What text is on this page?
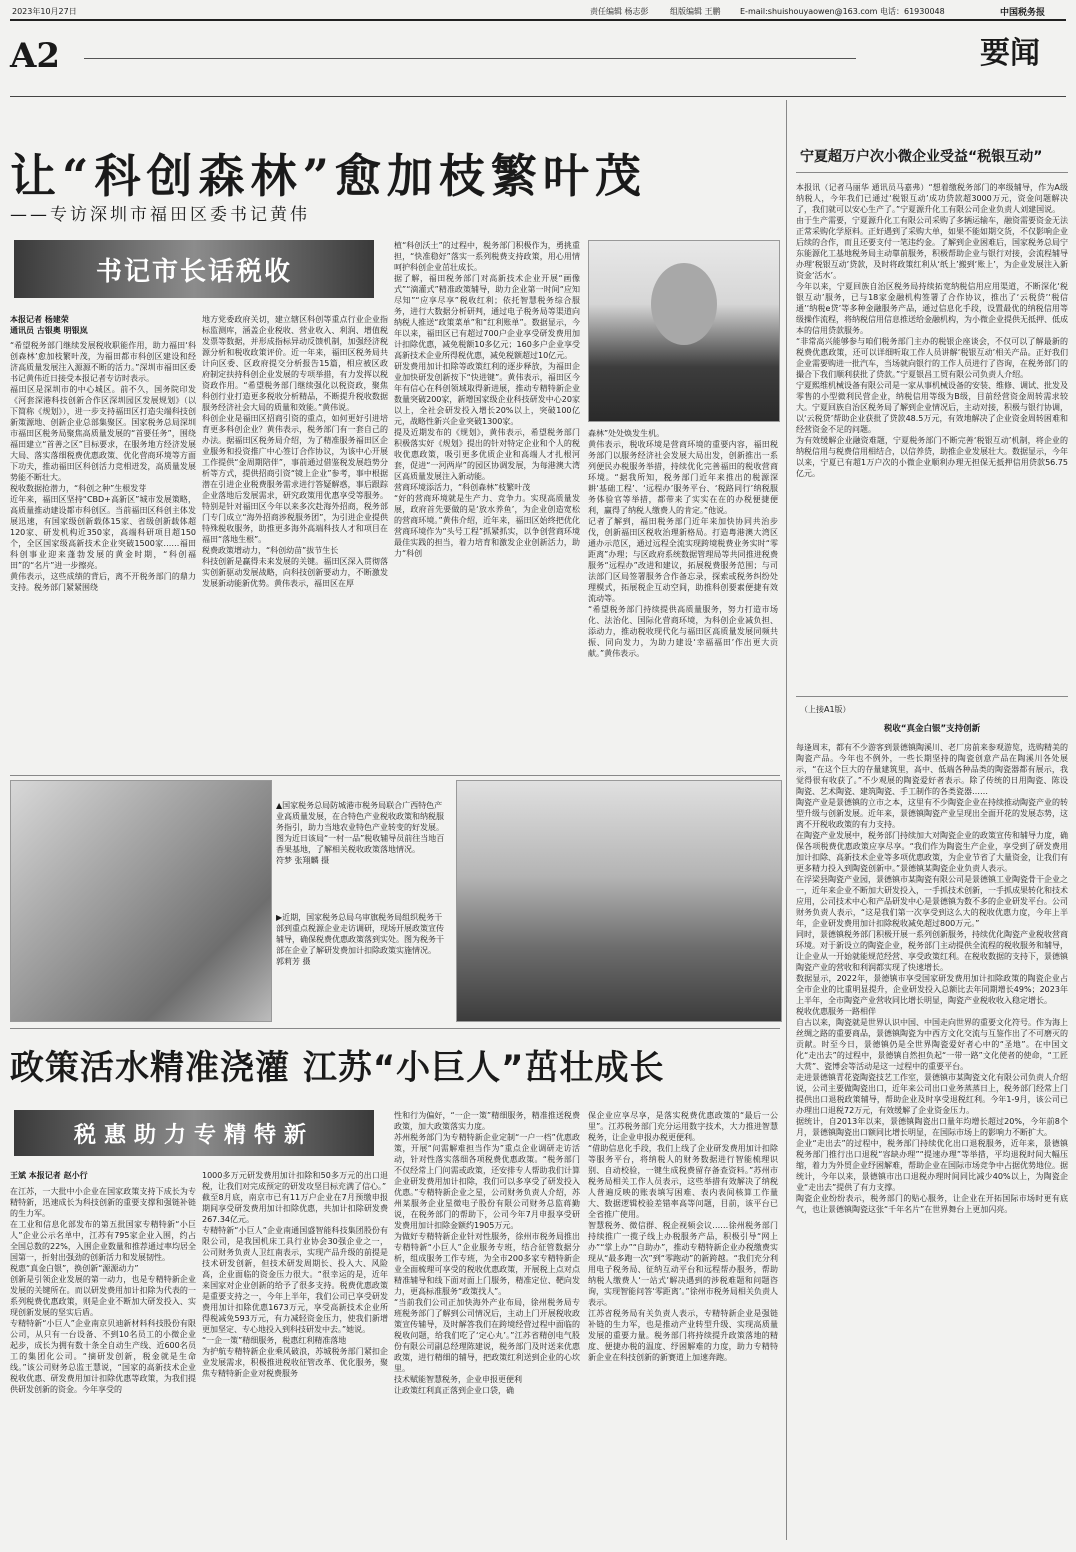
2023年10月27日	责任编辑 杨志彭	组版编辑 王鹏 E-mail:shuishouyaowen@163.com 电话：61930048	中国税务报
A2	要闻
让“科创森林”愈加枝繁叶茂
——专访深圳市福田区委书记黄伟
书记市长话税收
本报记者 杨建荣
通讯员 古银奥 明银岚
“希望税务部门继续发展税收职能作用，助力福田‘科创森林’愈加枝繁叶茂，为福田都市科创区建设和经济高质量发展注入源源不断的活力。”深圳市福田区委书记黄伟近日接受本报记者专访时表示。
福田区是深圳市的中心城区。前不久，国务院印发《河套深港科技创新合作区深圳园区发展规划》（以下简称《规划》），进一步支持福田区打造尖端科技创新策源地、创新企业总部集聚区。国家税务总局深圳市福田区税务局聚焦高质量发展的“首要任务”，围绕福田建立“首善之区”目标要求，在服务地方经济发展大局、落实落细税费优惠政策、优化营商环境等方面下功夫，推动福田区科创活力竞相迸发，高质量发展势能不断壮大。
税收数据抢潜力，“科创之种”生根发芽
近年来，福田区坚持“CBD+高新区”城市发展策略，高质量推动建设都市科创区。当前福田区科创主体发展迅速，有国家级创新载体15家、省级创新载体超120家、研发机构近350家，高端科研项目超150个，全区国家级高新技术企业突破1500家……福田科创事业迎来蓬勃发展的黄金时期，“科创福田”的“名片”进一步擦亮。
黄伟表示，这些成绩的背后，离不开税务部门的鼎力支持。税务部门紧紧围绕
地方党委政府关切，建立辖区科创等重点行业企业指标监测库，涵盖企业税收、营业收入、利润、增值税发票等数据，并形成指标异动反馈机制，加强经济税源分析和税收政策评价。近一年来，福田区税务局共计向区委、区政府提交分析报告15篇，相应被区政府制定扶持科创企业发展的专项举措，有力发挥以税资政作用。“希望税务部门继续强化以税资政，聚焦科创行业打造更多税收分析精品，不断提升税收数据服务经济社会大局的质量和效能。”黄伟说。
科创企业是福田区招商引资的重点，如何更好引进培育更多科创企业？黄伟表示，税务部门有一套自己的办法。据福田区税务局介绍，为了精准服务福田区企业服务和投资推广中心签订合作协议，为该中心开展工作提供“金周期陪伴”，事前通过借鉴税发展趋势分析等方式，提供招商引资“镜上企业”参考，事中根据潜在引进企业税费服务需求进行答疑解惑，事后跟踪企业落地后发展需求，研究政策用优惠享受等服务。特别是针对福田区今年以来多次赴海外招商，税务部门专门成立“海外招商涉税服务团”，为引进企业提供特殊税收服务，助推更多海外高端科技人才和项目在福田“落地生根”。
税费政策增动力，“科创幼苗”拔节生长
科技创新是赢得未来发展的关键。福田区深入贯彻落实创新驱动发展战略，向科技创新要动力，不断激发发展新动能新优势。黄伟表示，福田区在厚
植“科创沃土”的过程中，税务部门积极作为，勇挑重担，“快准稳好”落实一系列税费支持政策，用心用情呵护科创企业茁壮成长。
据了解，福田税务部门对高新技术企业开展“画像式”“滴灌式”精准政策辅导，助力企业第一时间“应知尽知”“应享尽享”税收红利；依托智慧税务综合服务，进行大数据分析研判，通过电子税务局等渠道向纳税人推送“政策菜单”和“红利账单”。数据显示，今年以来，福田区已有超过700户企业享受研发费用加计扣除优惠，减免税额10多亿元；160多户企业享受高新技术企业所得税优惠，减免税额超过10亿元。
研发费用加计扣除等政策红利的逐步释放，为福田企业加快研发创新按下“快进键”。黄伟表示，福田区今年有信心在科创领域取得新进展，推动专精特新企业数量突破200家，新增国家级企业科技研发中心20家以上，全社会研发投入增长20%以上，突破100亿元，战略性新兴企业突破1300家。
提及近期发布的《规划》，黄伟表示，希望税务部门积极落实好《规划》提出的针对特定企业和个人的税收优惠政策，吸引更多优质企业和高端人才扎根河套，促进“一河两岸”的园区协调发展，为每港澳大湾区高质量发展注入新动能。
营商环境添活力，“科创森林”枝繁叶茂
“好的营商环境就是生产力、竞争力。实现高质量发展，政府首先要做的是‘放水养鱼’，为企业创造宽松的营商环境。”黄伟介绍，近年来，福田区始终把优化营商环境作为“头号工程”抓紧抓实，以争创营商环境最佳实践的担当，着力培育和激发企业创新活力，助力“科创
森林”处处焕发生机。
黄伟表示，税收环境是营商环境的重要内容，福田税务部门以服务经济社会发展大局出发，创新推出一系列便民办税服务举措，持续优化完善福田的税收营商环境。“据我所知，税务部门近年来推出的税源深耕‘基础工程’、‘远程办’服务平台、‘税路同行’纳税服务体验官等举措，都带来了实实在在的办税便捷便利，赢得了纳税人缴费人的肯定。”他说。
记者了解到，福田税务部门近年来加快协同共治步伐，创新福田区税收治理新格局。打造粤港澳大湾区通办示范区，通过远程全流实现跨境税费业务实时“零距离”办理；与区政府系统数据管理局等共同推进税费服务“远程办”改进和建议，拓展税费服务范围；与司法部门区局签署服务合作备忘录，探索或税务纠纷处理模式，拓展税企互动空间，助推科创要素便捷有效流动等。
“希望税务部门持续提供高质量服务，努力打造市场化、法治化、国际化营商环境，为科创企业减负担、添动力，推动税收现代化与福田区高质量发展同频共振、同向发力，为助力建设‘幸福福田’作出更大贡献。”黄伟表示。
▲国家税务总局防城港市税务局联合广西特色产业高质量发展，在合特色产业税收政策和纳税服务指引，助力当地农业特色产业转变的好发展。图为近日该局“一村一品”税收辅导员前往当地百香果基地，了解相关税收政策落地情况。
符梦 张翔麟 摄
▶近期，国家税务总局乌审旗税务局组织税务干部到重点税源企业走访调研，现场开展政策宣传辅导，确保税费优惠政策落到实处。图为税务干部在企业了解研发费加计扣除政策实施情况。
郭莉芳 摄
政策活水精准浇灌 江苏“小巨人”茁壮成长
税惠助力专精特新
王斌 本报记者 赵小行
在江苏，一大批中小企业在国家政策支持下成长为专精特新，迅速成长为科技创新的重要支撑和强链补链的生力军。
在工业和信息化部发布的第五批国家专精特新“小巨人”企业公示名单中，江苏有795家企业入围，约占全国总数的22%，入围企业数量和推荐通过率均居全国第一，折射出强劲的创新活力和发展韧性。
税惠“真金白银”，换创新“源源动力”
创新是引领企业发展的第一动力，也是专精特新企业发展的关键所在。而以研发费用加计扣除为代表的一系列税费优惠政策，则是企业不断加大研发投入、实现创新发展的坚实后盾。
专精特新“小巨人”企业南京贝迪新材料科技股份有限公司，从只有一台设备、不到10名员工的小微企业起步，成长为拥有数十条全自动生产线、近600名员工的集团化公司。“摘研发创新，税金就是生命线。”该公司财务总监王慧说，“国家的高新技术企业税收优惠、研发费用加计扣除优惠等政策，为我们提供研发创新的资金。今年享受的
1000多万元研发费用加计扣除和50多万元的出口退税，让我们对完成预定的研发攻坚目标充满了信心。”
截至8月底，南京市已有11万户企业在7月预缴申报期间享受研发费用加计扣除优惠，共加计扣除研发费267.34亿元。
专精特新“小巨人”企业南通国盛智能科技集团股份有限公司，是我国机床工具行业协会30强企业之一，公司财务负责人卫红南表示，实现产品升级的前提是技术研发创新，但技术研发周期长、投入大、风险高，企业面临的资金压力很大。“很幸运的是，近年来国家对企业创新的给予了很多支持。税费优惠政策是重要支持之一，今年上半年，我们公司已享受研发费用加计扣除优惠1673万元，享受高新技术企业所得税减免593万元，有力减轻资金压力，使我们新增更加坚定、专心地投入到科技研发中去。”她说。
“一企一策”精细服务，税惠红利精准落地
为护航专精特新企业乘风破浪，苏城税务部门紧扣企业发展需求，积极推进税收征管改革、优化服务，聚焦专精特新企业对税费服务
性和行为偏好，“一企一策”精细服务，精准推送税费政策，加大政策落实力度。
苏州税务部门为专精特新企业定制“一户一档”优惠政策，开展“问需解难担当作为”重点企业调研走访活动，针对性落实落细各项税费优惠政策。“税务部门不仅经常上门问需或政策，还安排专人帮助我们计算企业研发费用加计扣除，我们可以多享受了研发投入优惠。”专精特新企业之星，公司财务负责人介绍，苏州某服务企业星微电子股份有限公司财务总监蒋勤说，在税务部门的帮助下，公司今年7月申报享受研发费用加计扣除金额约1905万元。
为做好专精特新企业针对性服务，徐州市税务局推出专精特新“小巨人”企业服务专班，结合征管数据分析，组成服务工作专班，为全市200多家专精特新企业全面梳理可享受的税收优惠政策，开展税上点对点精准辅导和线下面对面上门服务，精准定位、靶向发力，更高标准服务“政策找人”。
“当前我们公司正加快海外产业布局，徐州税务局专班税务部门了解到公司情况后，主动上门开展税收政策宣传辅导，及时解答我们在跨境经营过程中面临的税收问题，给我们吃了‘定心丸’。”江苏省精创电气股份有限公司副总经理陈建说，税务部门及时送来优惠政策，进行精细的辅导，把政策红利送到企业的心坎里。
技术赋能智慧税务，企业申报更便利
让政策红利真正落到企业口袋，确
保企业应享尽享，是落实税费优惠政策的“最后一公里”。江苏税务部门充分运用数字技术，大力推进智慧税务，让企业申报办税更便利。
“借助信息化手段，我们上线了企业研发费用加计扣除等服务平台，将纳税人的财务数据进行智能梳理识别、自动校验，一键生成税费留存备查资料。”苏州市税务局相关工作人员表示，这些举措有效解决了纳税人普遍反映的账表填写困难、表内表间核算工作量大、数据逻辑校验差错率高等问题，目前，该平台已全省推广使用。
智慧税务、微信群、税企视频会议……徐州税务部门持续推广一揽子线上办税服务产品，积极引导“网上办”“掌上办”“自助办”，推动专精特新企业办税缴费实现从“最多跑一次”到“零跑动”的新跨越。“我们充分利用电子税务局、征纳互动平台和远程帮办服务，帮助纳税人缴费人‘一站式’解决遇到的涉税难题和问题咨询，实现智能问答‘零距离’。”徐州市税务局相关负责人表示。
江苏省税务局有关负责人表示，专精特新企业是强链补链的生力军，也是推动产业转型升级、实现高质量发展的重要力量。税务部门将持续提升政策落地的精度、便捷办税的温度、纾困解难的力度，助力专精特新企业在科技创新的新赛道上加速奔跑。
宁夏超万户次小微企业受益“税银互动”
本报讯（记者马丽华 通讯员马嘉弗）“想着缴税务部门的率级辅导，作为A级纳税人，今年我们已通过‘税银互动’成功贷款超3000万元，资金问题解决了，我们就可以安心生产了。”宁夏源升化工有限公司企业负责人刘建国说。
由于生产需要，宁夏源升化工有限公司采购了多辆运输车，融资需要资金无法正常采购化学原料。正好遇到了采购大单，如果不能如期交货，不仅影响企业后续的合作，而且还要支付一笔违约金。了解到企业困难后，国家税务总局宁东能源化工基地税务局主动靠前服务，积极帮助企业与银行对接，会流程辅导办理‘税银互动’贷款，及时将政策红利从‘纸上’搬到‘账上’，为企业发展注入新资金‘活水’。
今年以来，宁夏回族自治区税务局持续拓宽纳税信用应用渠道，不断深化‘税银互动’服务，已与18家金融机构签署了合作协议，推出了‘云税贷’‘税信通’‘纳税e贷’等多种金融服务产品，通过信息化手段，设置最优的纳税信用等级操作流程，将纳税信用信息推送给金融机构，为小微企业提供无抵押、低成本的信用贷款服务。
“非常高兴能够参与咱们税务部门主办的税银企座谈会，不仅可以了解最新的税费优惠政策，还可以详细听取工作人员讲解‘税银互动’相关产品。正好我们企业需要购进一批汽车，当场就向银行的工作人员进行了咨询，在税务部门的撮合下我们顺利获批了贷款。”宁夏银昌工贸有限公司负责人介绍。
宁夏熙维机械设备有限公司是一家从事机械设备的安装、维修、调试、批发及零售的小型微利民营企业，纳税信用等级为B级，目前经营资金周转需求较大。宁夏回族自治区税务局了解到企业情况后，主动对接，积极与银行协调，以‘云税贷’帮助企业获批了贷款48.5万元，有效地解决了企业资金周转困难和经营资金不足的问题。
为有效缓解企业融资难题，宁夏税务部门不断完善‘税银互动’机制，将企业的纳税信用与税费信用相结合，以信养贷，助推企业发展壮大。数据显示，今年以来，宁夏已有超1万户次的小微企业顺利办理无担保无抵押信用贷款56.75亿元。
（上接A1版）
税收“真金白银”支持创新
每逢周末，都有不少游客到景德镇陶溪川、老厂房前来参观游览，选购精美的陶瓷产品。今年也不例外，一些长期坚持的陶瓷创意产品在陶溪川各处展示，“在这个巨大的存量建筑里，高中、低端各种品类的陶瓷器都有展示，我觉得很有收获了。”不少观展的陶瓷爱好者表示。除了传统的日用陶瓷、陈设陶瓷、艺术陶瓷、建筑陶瓷、手工制作的各类瓷器……
陶瓷产业是景德镇的立市之本，这里有不少陶瓷企业在持续推动陶瓷产业的转型升级与创新发展。近年来，景德镇陶瓷产业呈现出全面开花的发展态势，这离不开税收政策的有力支持。
在陶瓷产业发展中，税务部门持续加大对陶瓷企业的政策宣传和辅导力度，确保各项税费优惠政策应享尽享。“我们作为陶瓷生产企业，享受到了研发费用加计扣除、高新技术企业等多项优惠政策，为企业节省了大量资金，让我们有更多精力投入到陶瓷创新中。”景德镇某陶瓷企业负责人表示。
在浮梁县陶瓷产业园，景德镇市某陶瓷有限公司是景德镇工业陶瓷骨干企业之一，近年来企业不断加大研发投入，一手抓技术创新，一手抓成果转化和技术应用，公司技术中心和产品研发中心是景德镇为数不多的企业研发平台。公司财务负责人表示，“这是我们第一次享受到这么大的税收优惠力度，今年上半年，企业研发费用加计扣除税收减免超过800万元。”
同时，景德镇税务部门积极开展一系列创新服务，持续优化陶瓷产业税收营商环境。对于新设立的陶瓷企业，税务部门主动提供全流程的税收服务和辅导，让企业从一开始就能规范经营、享受政策红利。在税收数据的支持下，景德镇陶瓷产业的营收和利润都实现了快速增长。
数据显示，2022年，景德镇市享受国家研发费用加计扣除政策的陶瓷企业占全市企业的比重明显提升，企业研发投入总额比去年同期增长49%；2023年上半年，全市陶瓷产业营收同比增长明显，陶瓷产业税收收入稳定增长。
税收优惠服务一路相伴
自古以来，陶瓷就是世界认识中国、中国走向世界的重要文化符号。作为海上丝绸之路的重要商品，景德镇陶瓷为中西方文化交流与互鉴作出了不可磨灭的贡献。时至今日，景德镇仍是全世界陶瓷爱好者心中的“圣地”。在中国文化“走出去”的过程中，景德镇自然担负起“一带一路”文化使者的使命，“工匠大赏”、瓷博会等活动是这一过程中的重要平台。
走进景德镇青花瓷陶瓷技艺工作室，景德镇市某陶瓷文化有限公司负责人介绍说，公司主要做陶瓷出口，近年来公司出口业务蒸蒸日上，税务部门经常上门提供出口退税政策辅导，帮助企业及时享受退税红利。今年1-9月，该公司已办理出口退税72万元，有效缓解了企业资金压力。
据统计，自2013年以来，景德镇陶瓷出口量年均增长超过20%，今年前8个月，景德镇陶瓷出口额同比增长明显，在国际市场上的影响力不断扩大。
企业“走出去”的过程中，税务部门持续优化出口退税服务，近年来，景德镇税务部门推行出口退税“容缺办理”“提速办理”等举措，平均退税时间大幅压缩，着力为外贸企业纾困解难，帮助企业在国际市场竞争中占据优势地位。据统计，今年以来，景德镇市出口退税办理时间同比减少40%以上，为陶瓷企业“走出去”提供了有力支撑。
陶瓷企业纷纷表示，税务部门的贴心服务，让企业在开拓国际市场时更有底气，也让景德镇陶瓷这张“千年名片”在世界舞台上更加闪亮。
